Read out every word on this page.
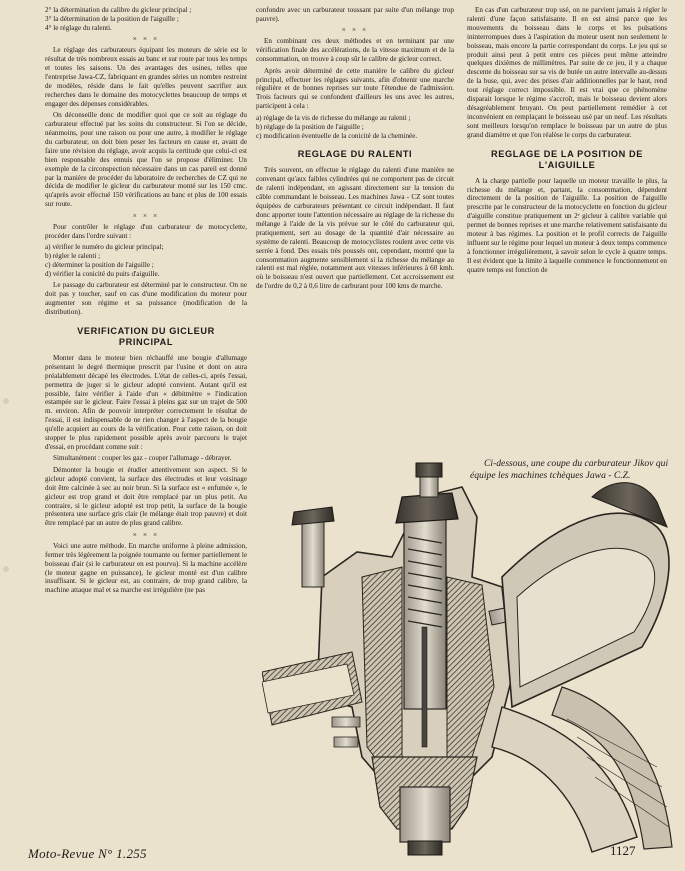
2° la détermination du calibre du gicleur principal ;
3° la détermination de la position de l'aiguille ;
4° le réglage du ralenti.
× × ×

Le réglage des carburateurs équipant les moteurs de série est le résultat de très nombreux essais au banc et sur route par tous les temps et toutes les saisons. Un des avantages des usines, telles que l'entreprise Jawa-CZ, fabriquant en grandes séries un nombre restreint de modèles, réside dans le fait qu'elles peuvent sacrifier aux recherches dans le domaine des motocyclettes beaucoup de temps et engager des dépenses considérables.

On déconseille donc de modifier quoi que ce soit au réglage du carburateur effectué par les soins du constructeur. Si l'on se décide, néanmoins, pour une raison ou pour une autre, à modifier le réglage du carburateur, on doit bien peser les facteurs en cause et, avant de faire une révision du réglage, avoir acquis la certitude que celui-ci est bien responsable des ennuis que l'on se propose d'éliminer. Un exemple de la circonspection nécessaire dans un cas pareil est donné par la manière de procéder du laboratoire de recherches de CZ qui ne décida de modifier le gicleur du carburateur monté sur les 150 cmc. qu'après avoir effectué 150 vérifications au banc et plus de 100 essais sur route.

× × ×

Pour contrôler le réglage d'un carburateur de motocyclette, procéder dans l'ordre suivant :

a) vérifier le numéro du gicleur principal;
b) régler le ralenti ;
c) déterminer la position de l'aiguille ;
d) vérifier la conicité du puits d'aiguille.

Le passage du carburateur est déterminé par le constructeur. On ne doit pas y toucher, sauf en cas d'une modification du moteur pour augmenter son régime et sa puissance (modification de la distribution).

VERIFICATION DU GICLEUR PRINCIPAL

Monter dans le moteur bien réchauffé une bougie d'allumage présentant le degré thermique prescrit par l'usine et dont on aura préalablement décapé les électrodes. L'état de celles-ci, après l'essai, permettra de juger si le gicleur adopté convient. Autant qu'il est possible, faire vérifier à l'aide d'un « débitmètre » l'indication estampée sur le gicleur. Faire l'essai à pleins gaz sur un trajet de 500 m. environ. Afin de pouvoir interpréter correctement le résultat de l'essai, il est indispensable de ne rien changer à l'aspect de la bougie qu'elle acquiert au cours de la vérification. Pour cette raison, on doit stopper le plus rapidement possible après avoir parcouru le trajet d'essai, en procédant comme suit :

Simultanément : couper les gaz - couper l'allumage - débrayer.

Démonter la bougie et étudier attentivement son aspect. Si le gicleur adopté convient, la surface des électrodes et leur voisinage doit être calcinée à sec au noir brun. Si la surface est « enfumée », le gicleur est trop grand et doit être remplacé par un plus petit. Au contraire, si le gicleur adopté est trop petit, la surface de la bougie présentera une surface gris clair (le mélange était trop pauvre) et doit être remplacé par un autre de plus grand calibre.

× × ×

Voici une autre méthode. En marche uniforme à pleine admission, fermer très légèrement la poignée tournante ou fermer partiellement le boisseau d'air (si le carburateur en est pourvu). Si la machine accélère (le moteur gagne en puissance), le gicleur monté est d'un calibre insuffisant. Si le gicleur est, au contraire, de trop grand calibre, la machine attaque mal et sa marche est irrégulière (ne pas

confondre avec un carburateur toussant par suite d'un mélange trop pauvre).

× × ×

En combinant ces deux méthodes et en terminant par une vérification finale des accélérations, de la vitesse maximum et de la consommation, on trouve à coup sûr le calibre de gicleur correct.

Après avoir déterminé de cette manière le calibre du gicleur principal, effectuer les réglages suivants, afin d'obtenir une marche régulière et de bonnes reprises sur toute l'étendue de l'admission. Trois facteurs qui se confondent d'ailleurs les uns avec les autres, participent à cela :

a) réglage de la vis de richesse du mélange au ralenti ;
b) réglage de la position de l'aiguille ;
c) modification éventuelle de la conicité de la cheminée.
REGLAGE DU RALENTI

Très souvent, on effectue le réglage du ralenti d'une manière ne convenant qu'aux faibles cylindrées qui ne comportent pas de circuit de ralenti indépendant, en agissant directement sur la tension du câble commandant le boisseau. Les machines Jawa - CZ sont toutes équipées de carburateurs présentant ce circuit indépendant. Il faut donc apporter toute l'attention nécessaire au réglage de la richesse du mélange à l'aide de la vis prévue sur le côté du carburateur qui, pratiquement, sert au dosage de la quantité d'air nécessaire au système de ralenti. Beaucoup de motocyclistes roulent avec cette vis serrée à fond. Des essais très poussés ont, cependant, montré que la consommation augmente sensiblement si la richesse du mélange au ralenti est mal réglée, notamment aux vitesses inférieures à 60 kmh. où le boisseau n'est ouvert que partiellement. Cet accroissement est de l'ordre de 0,2 à 0,6 litre de carburant pour 100 kms de marche.

En cas d'un carburateur trop usé, on ne parvient jamais à régler le ralenti d'une façon satisfaisante. Il en est ainsi parce que les mouvements du boisseau dans le corps et les pulsations ininterrompues dues à l'aspiration du moteur usent non seulement le boisseau, mais encore la partie correspondant du corps. Le jeu qui se produit ainsi peut à petit entre ces pièces peut même atteindre quelques dixièmes de millimètres. Par suite de ce jeu, il y a chaque descente du boisseau sur sa vis de butée un autre intervalle au-dessus de la buse, qui, avec des prises d'air additionnelles par le haut, rend tout réglage correct impossible. Il est vrai que ce phénomène disparait lorsque le régime s'accroît, mais le boisseau devient alors désagréablement bruyant. On peut partiellement remédier à cet inconvénient en remplaçant le boisseau usé par un neuf. Les résultats sont meilleurs lorsqu'on remplace le boisseau par un autre de plus grand diamètre et que l'on réalèse le corps du carburateur.

REGLAGE DE LA POSITION DE L'AIGUILLE

A la charge partielle pour laquelle un moteur travaille le plus, la richesse du mélange et, partant, la consommation, dépendent directement de la position de l'aiguille. La position de l'aiguille prescrite par le constructeur de la motocyclette en fonction du gicleur d'aiguille constitue pratiquement un 2ᵉ gicleur à calibre variable qui permet de bonnes reprises et une marche relativement satisfaisante du moteur à bas régimes. La position et le profil corrects de l'aiguille influent sur le régime pour lequel un moteur à deux temps commence à fonctionner irrégulièrement, à savoir selon le cycle à quatre temps. Il est évident que la limite à laquelle commence le fonctionnement en quatre temps est fonction de

Ci-dessous, une coupe du carburateur Jikov qui équipe les machines tchèques Jawa - C.Z.

Moto-Revue N° 1.255	1127
